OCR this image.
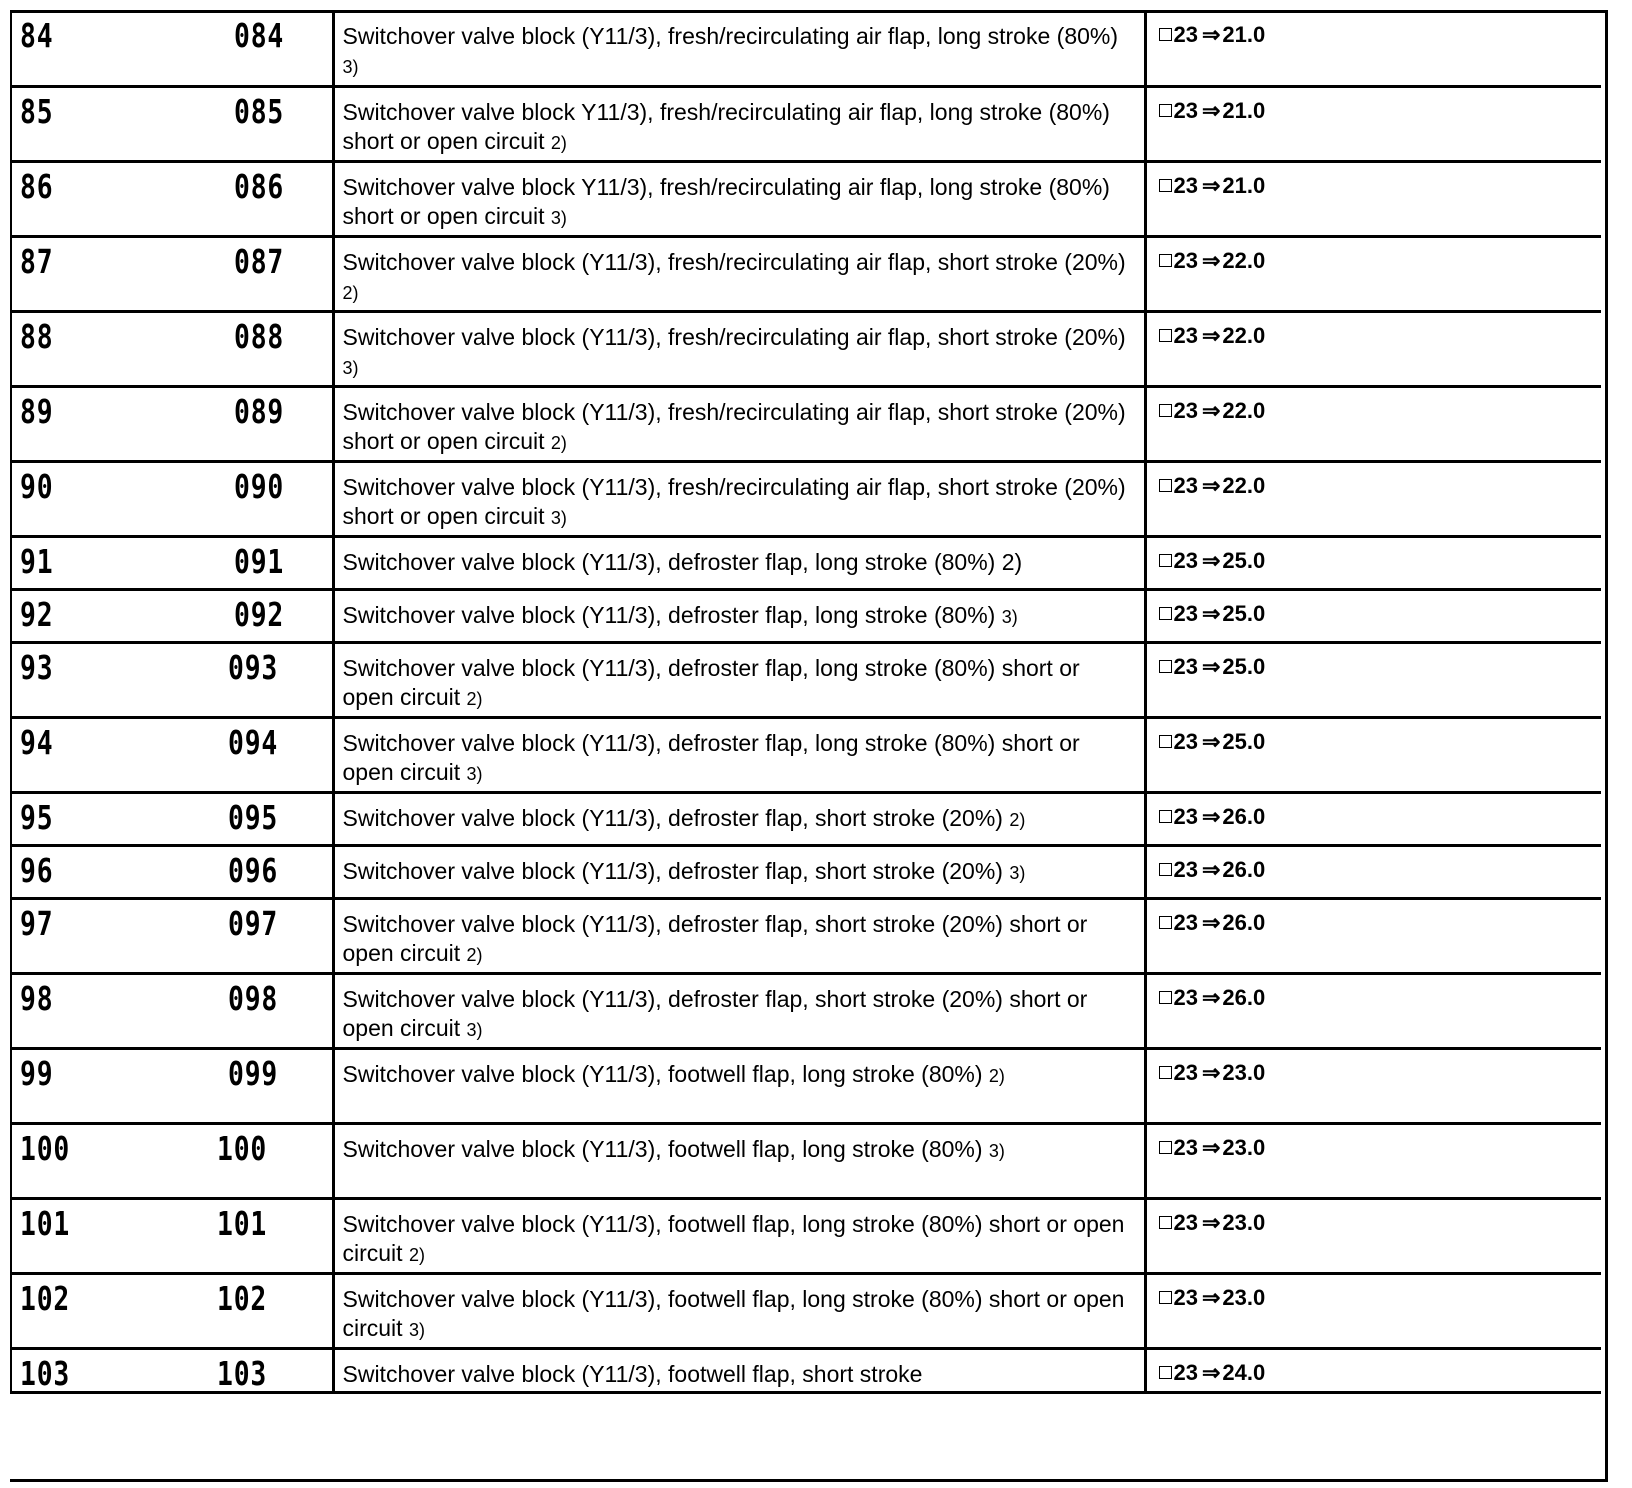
84 084	Switchover valve block (Y11/3), fresh/recirculating air flap, long stroke (80%) 3)	23 ⇒21.0

85 085	Switchover valve block Y11/3), fresh/recirculating air flap, long stroke (80%) short or open circuit 2)	23 ⇒21.0

86 086	Switchover valve block Y11/3), fresh/recirculating air flap, long stroke (80%) short or open circuit 3)	23 ⇒21.0

87 087	Switchover valve block (Y11/3), fresh/recirculating air flap, short stroke (20%) 2)	23 ⇒22.0

88 088	Switchover valve block (Y11/3), fresh/recirculating air flap, short stroke (20%) 3)	23 ⇒22.0

89 089	Switchover valve block (Y11/3), fresh/recirculating air flap, short stroke (20%) short or open circuit 2)	23 ⇒22.0

90 090	Switchover valve block (Y11/3), fresh/recirculating air flap, short stroke (20%) short or open circuit 3)	23 ⇒22.0

91 091	Switchover valve block (Y11/3), defroster flap, long stroke (80%) 2)	23 ⇒25.0

92 092	Switchover valve block (Y11/3), defroster flap, long stroke (80%) 3)	23 ⇒25.0

93 093	Switchover valve block (Y11/3), defroster flap, long stroke (80%) short or open circuit 2)	23 ⇒25.0

94 094	Switchover valve block (Y11/3), defroster flap, long stroke (80%) short or open circuit 3)	23 ⇒25.0

95 095	Switchover valve block (Y11/3), defroster flap, short stroke (20%) 2)	23 ⇒26.0

96 096	Switchover valve block (Y11/3), defroster flap, short stroke (20%) 3)	23 ⇒26.0

97 097	Switchover valve block (Y11/3), defroster flap, short stroke (20%) short or open circuit 2)	23 ⇒26.0

98 098	Switchover valve block (Y11/3), defroster flap, short stroke (20%) short or open circuit 3)	23 ⇒26.0

99 099	Switchover valve block (Y11/3), footwell flap, long stroke (80%) 2)	23 ⇒23.0

100 100	Switchover valve block (Y11/3), footwell flap, long stroke (80%) 3)	23 ⇒23.0

101 101	Switchover valve block (Y11/3), footwell flap, long stroke (80%) short or open circuit 2)	23 ⇒23.0

102 102	Switchover valve block (Y11/3), footwell flap, long stroke (80%) short or open circuit 3)	23 ⇒23.0

103 103	Switchover valve block (Y11/3), footwell flap, short stroke	23 ⇒24.0
